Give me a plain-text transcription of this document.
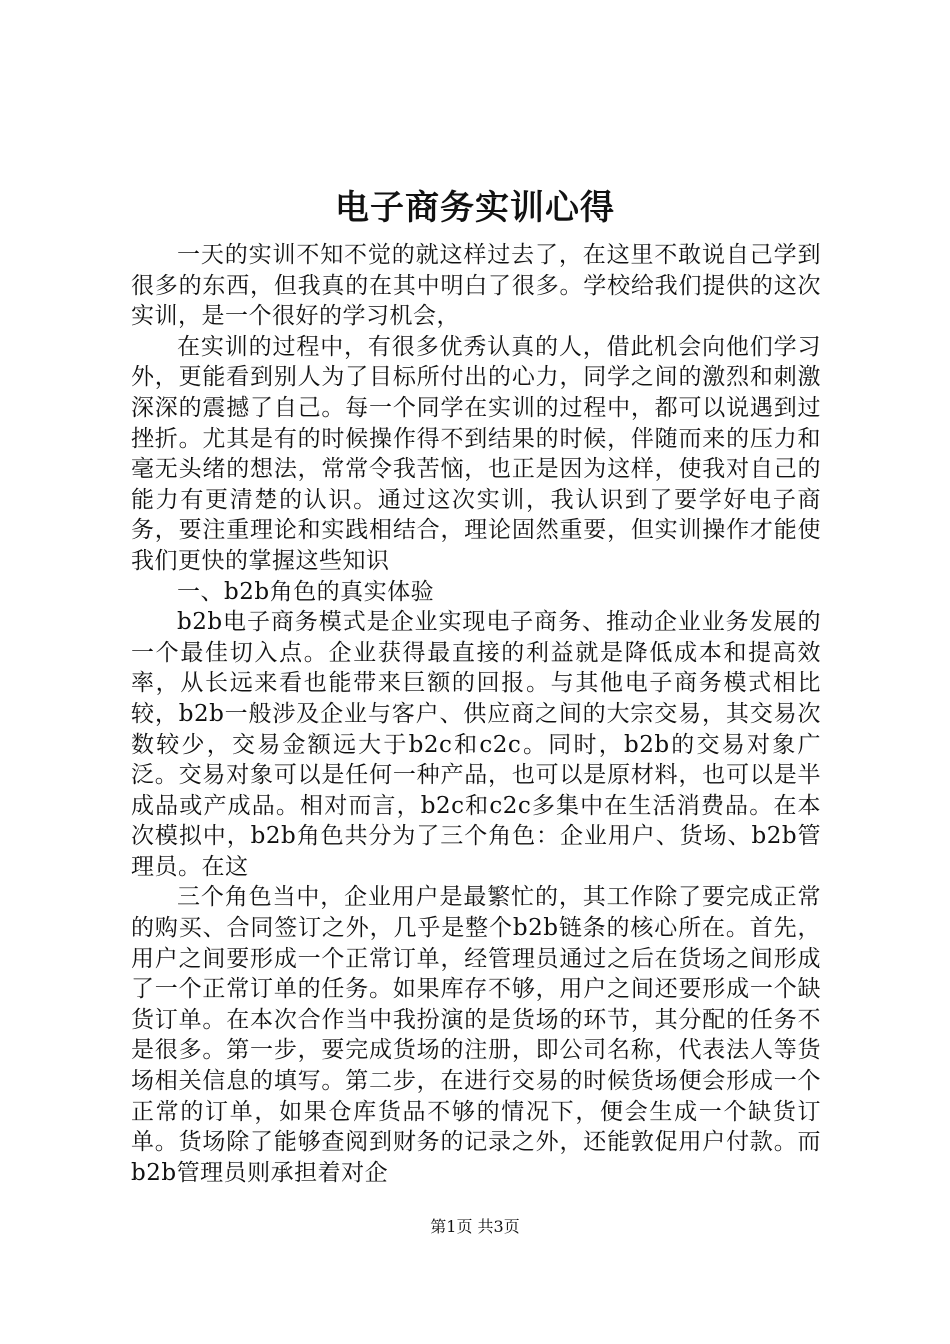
电子商务实训心得

一天的实训不知不觉的就这样过去了，在这里不敢说自己学到很多的东西，但我真的在其中明白了很多。学校给我们提供的这次实训，是一个很好的学习机会，

在实训的过程中，有很多优秀认真的人，借此机会向他们学习外，更能看到别人为了目标所付出的心力，同学之间的激烈和刺激深深的震撼了自己。每一个同学在实训的过程中，都可以说遇到过挫折。尤其是有的时候操作得不到结果的时候，伴随而来的压力和毫无头绪的想法，常常令我苦恼，也正是因为这样，使我对自己的能力有更清楚的认识。通过这次实训，我认识到了要学好电子商务，要注重理论和实践相结合，理论固然重要，但实训操作才能使我们更快的掌握这些知识

一、b2b角色的真实体验

b2b电子商务模式是企业实现电子商务、推动企业业务发展的一个最佳切入点。企业获得最直接的利益就是降低成本和提高效率，从长远来看也能带来巨额的回报。与其他电子商务模式相比较，b2b一般涉及企业与客户、供应商之间的大宗交易，其交易次数较少，交易金额远大于b2c和c2c。同时，b2b的交易对象广泛。交易对象可以是任何一种产品，也可以是原材料，也可以是半成品或产成品。相对而言，b2c和c2c多集中在生活消费品。在本次模拟中，b2b角色共分为了三个角色：企业用户、货场、b2b管理员。在这

三个角色当中，企业用户是最繁忙的，其工作除了要完成正常的购买、合同签订之外，几乎是整个b2b链条的核心所在。首先，用户之间要形成一个正常订单，经管理员通过之后在货场之间形成了一个正常订单的任务。如果库存不够，用户之间还要形成一个缺货订单。在本次合作当中我扮演的是货场的环节，其分配的任务不是很多。第一步，要完成货场的注册，即公司名称，代表法人等货场相关信息的填写。第二步，在进行交易的时候货场便会形成一个正常的订单，如果仓库货品不够的情况下，便会生成一个缺货订单。货场除了能够查阅到财务的记录之外，还能敦促用户付款。而b2b管理员则承担着对企

第1页 共3页
